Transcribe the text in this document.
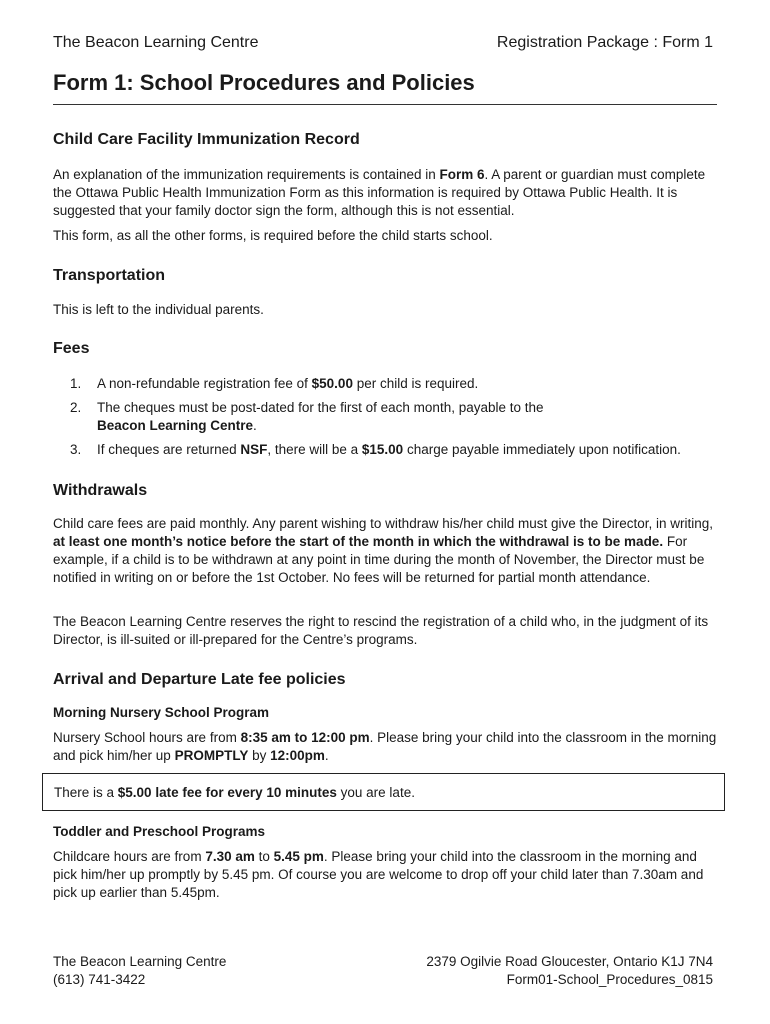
The Beacon Learning Centre	Registration Package : Form 1
Form 1: School Procedures and Policies
Child Care Facility Immunization Record

An explanation of the immunization requirements is contained in Form 6. A parent or guardian must complete the Ottawa Public Health Immunization Form as this information is required by Ottawa Public Health. It is suggested that your family doctor sign the form, although this is not essential.

This form, as all the other forms, is required before the child starts school.

Transportation

This is left to the individual parents.

Fees
1. A non-refundable registration fee of $50.00 per child is required.
2. The cheques must be post-dated for the first of each month, payable to the
Beacon Learning Centre.
3. If cheques are returned NSF, there will be a $15.00 charge payable immediately upon notification.
Withdrawals

Child care fees are paid monthly. Any parent wishing to withdraw his/her child must give the Director, in writing, at least one month’s notice before the start of the month in which the withdrawal is to be made. For example, if a child is to be withdrawn at any point in time during the month of November, the Director must be notified in writing on or before the 1st October. No fees will be returned for partial month attendance.

The Beacon Learning Centre reserves the right to rescind the registration of a child who, in the judgment of its Director, is ill-suited or ill-prepared for the Centre’s programs.

Arrival and Departure Late fee policies
Morning Nursery School Program

Nursery School hours are from 8:35 am to 12:00 pm. Please bring your child into the classroom in the morning and pick him/her up PROMPTLY by 12:00pm.

There is a $5.00 late fee for every 10 minutes you are late.
Toddler and Preschool Programs

Childcare hours are from 7.30 am to 5.45 pm. Please bring your child into the classroom in the morning and pick him/her up promptly by 5.45 pm. Of course you are welcome to drop off your child later than 7.30am and pick up earlier than 5.45pm.

The Beacon Learning Centre
(613) 741-3422
2379 Ogilvie Road Gloucester, Ontario K1J 7N4
Form01-School_Procedures_0815
